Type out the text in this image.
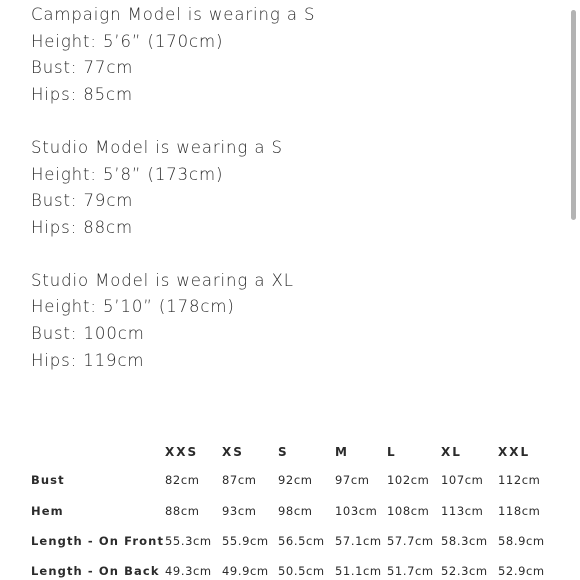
Campaign Model is wearing a S
Height: 5’6” (170cm)
Bust: 77cm
Hips: 85cm
Studio Model is wearing a S
Height: 5’8” (173cm)
Bust: 79cm
Hips: 88cm
Studio Model is wearing a XL
Height: 5’10” (178cm)
Bust: 100cm
Hips: 119cm
	XXS	XS	S	M	L	XL	XXL
Bust	82cm	87cm	92cm	97cm	102cm	107cm	112cm
Hem	88cm	93cm	98cm	103cm	108cm	113cm	118cm
Length - On Front	55.3cm	55.9cm	56.5cm	57.1cm	57.7cm	58.3cm	58.9cm
Length - On Back	49.3cm	49.9cm	50.5cm	51.1cm	51.7cm	52.3cm	52.9cm
